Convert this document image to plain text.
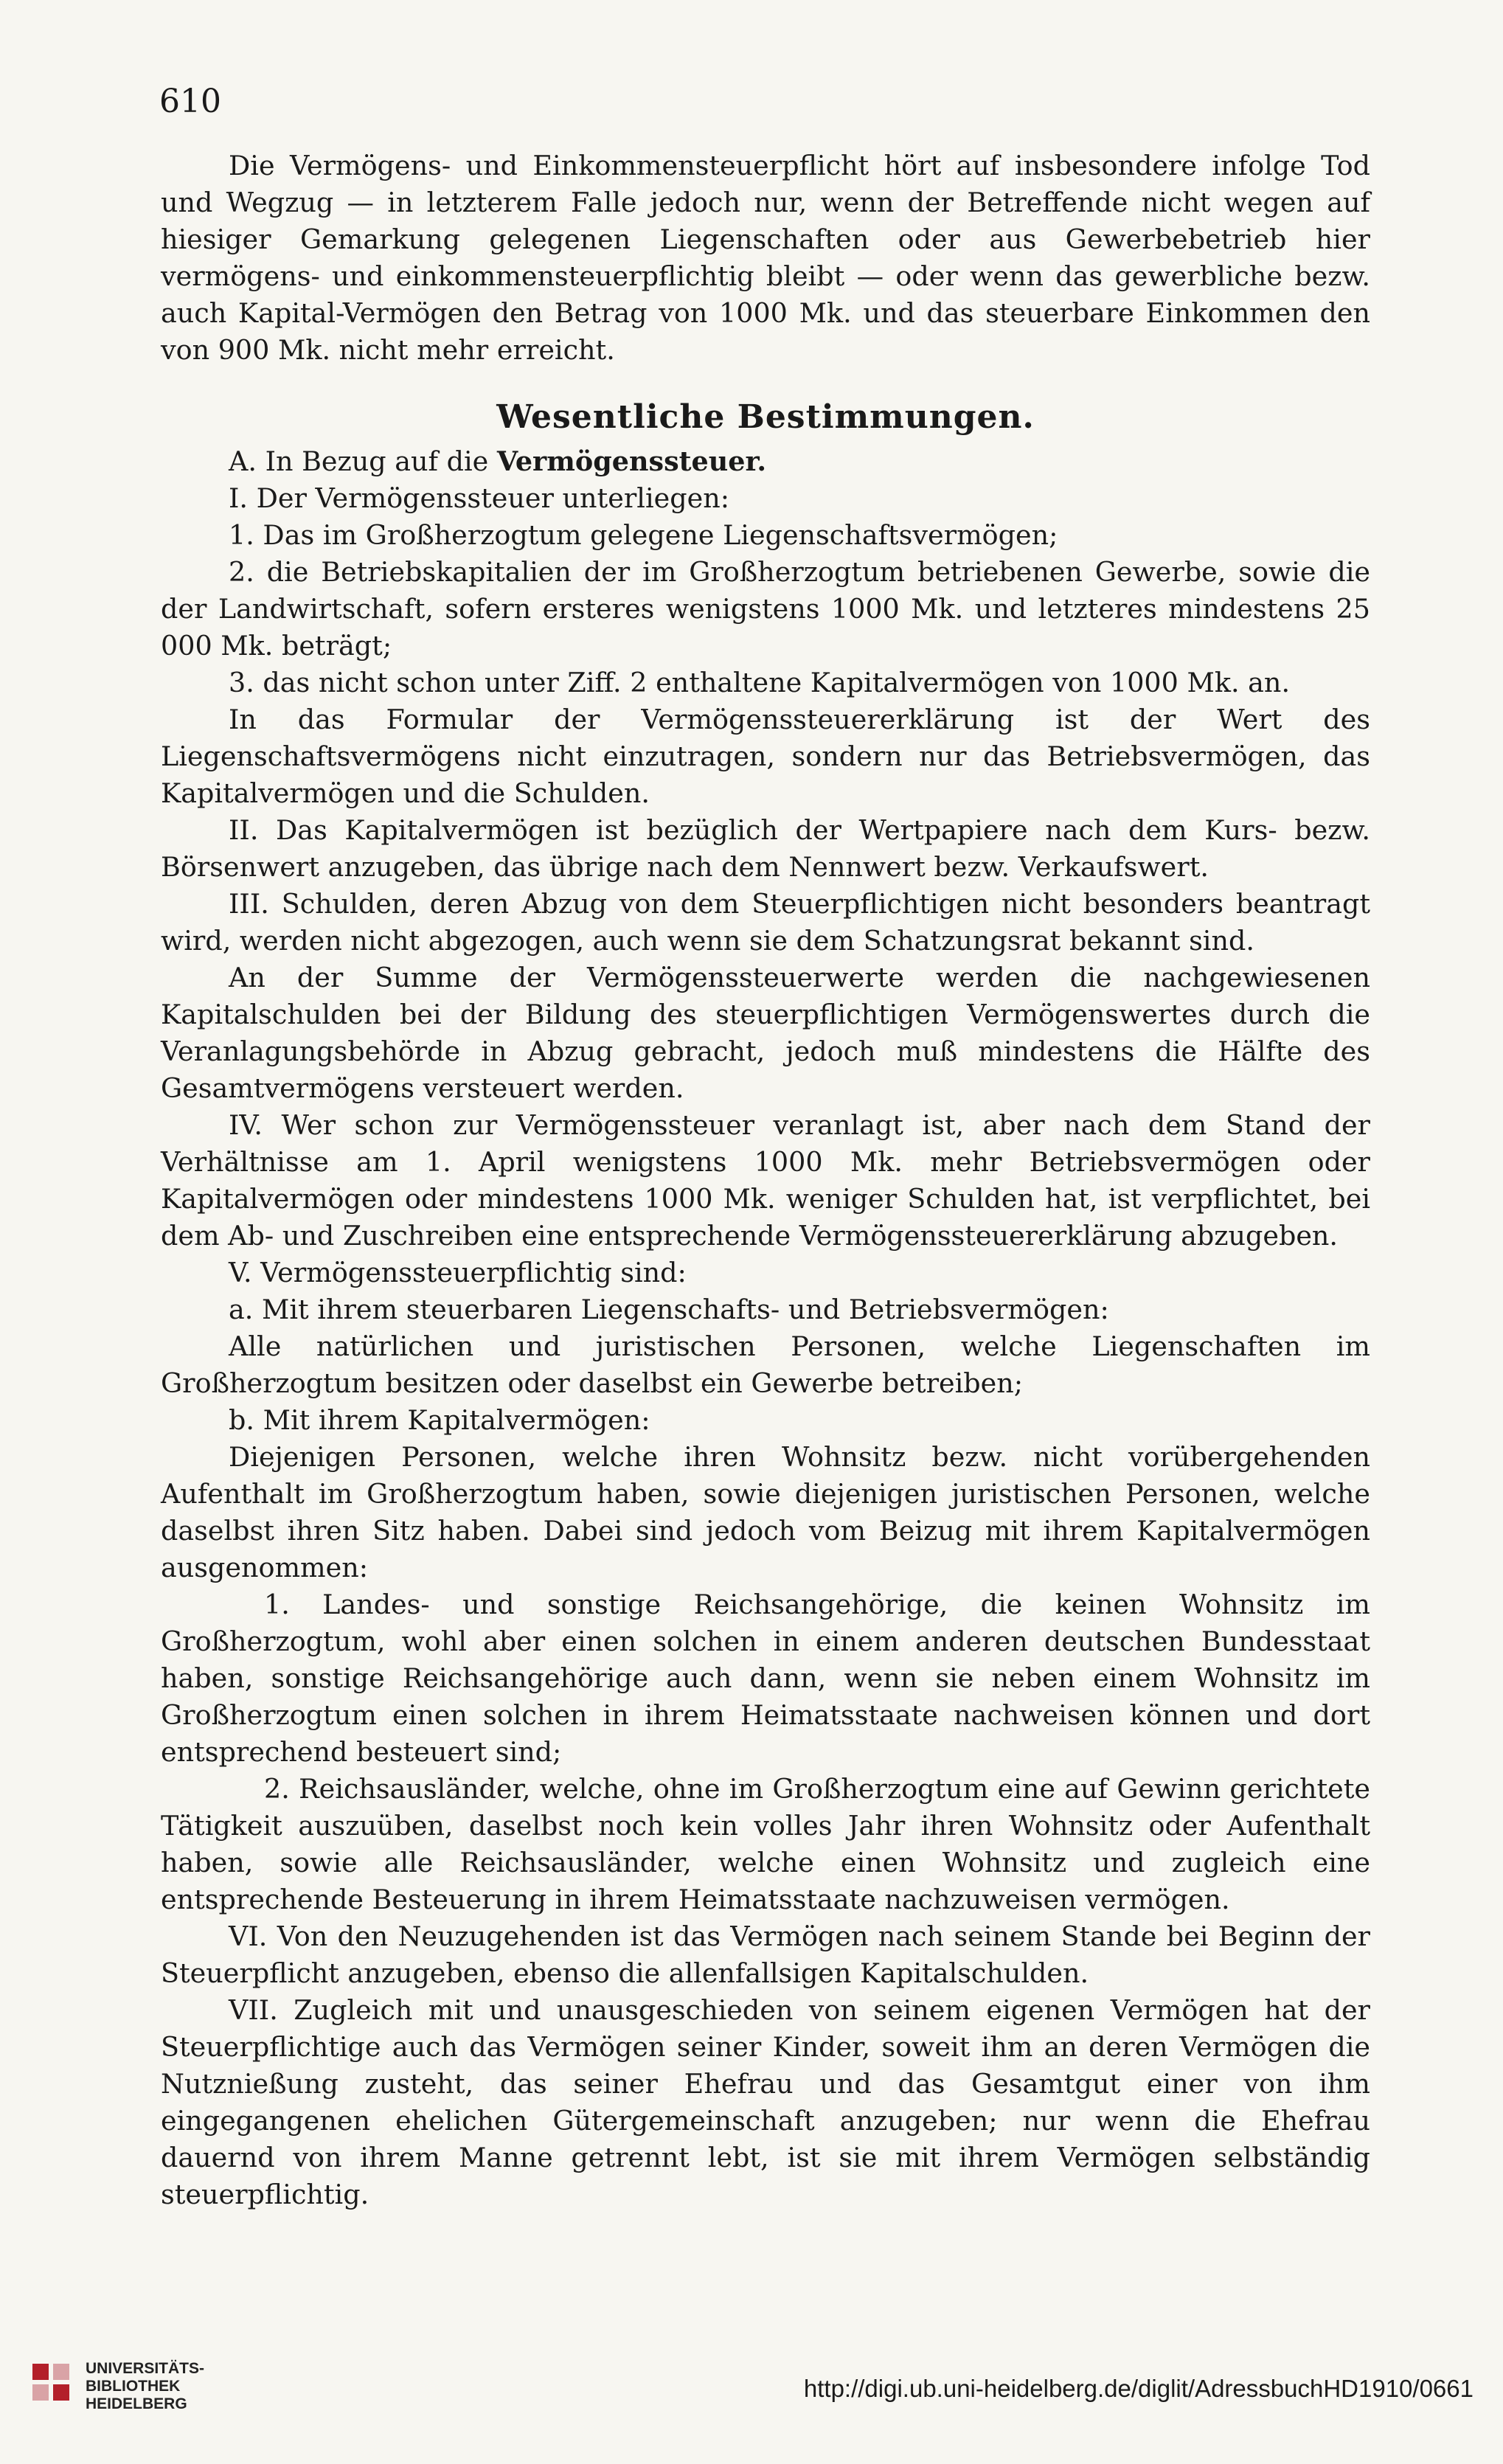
610

Die Vermögens- und Einkommensteuerpflicht hört auf insbesondere infolge Tod und Wegzug — in letzterem Falle jedoch nur, wenn der Betreffende nicht wegen auf hiesiger Gemarkung gelegenen Liegenschaften oder aus Gewerbebetrieb hier vermögens- und einkommensteuerpflichtig bleibt — oder wenn das gewerbliche bezw. auch Kapital-Vermögen den Betrag von 1000 Mk. und das steuerbare Einkommen den von 900 Mk. nicht mehr erreicht.

Wesentliche Bestimmungen.

A. In Bezug auf die Vermögenssteuer.

I. Der Vermögenssteuer unterliegen:

1. Das im Großherzogtum gelegene Liegenschaftsvermögen;

2. die Betriebskapitalien der im Großherzogtum betriebenen Gewerbe, sowie die der Landwirtschaft, sofern ersteres wenigstens 1000 Mk. und letzteres mindestens 25 000 Mk. beträgt;

3. das nicht schon unter Ziff. 2 enthaltene Kapitalvermögen von 1000 Mk. an.

In das Formular der Vermögenssteuererklärung ist der Wert des Liegenschaftsvermögens nicht einzutragen, sondern nur das Betriebsvermögen, das Kapitalvermögen und die Schulden.

II. Das Kapitalvermögen ist bezüglich der Wertpapiere nach dem Kurs- bezw. Börsenwert anzugeben, das übrige nach dem Nennwert bezw. Verkaufswert.

III. Schulden, deren Abzug von dem Steuerpflichtigen nicht besonders beantragt wird, werden nicht abgezogen, auch wenn sie dem Schatzungsrat bekannt sind.

An der Summe der Vermögenssteuerwerte werden die nachgewiesenen Kapitalschulden bei der Bildung des steuerpflichtigen Vermögenswertes durch die Veranlagungsbehörde in Abzug gebracht, jedoch muß mindestens die Hälfte des Gesamtvermögens versteuert werden.

IV. Wer schon zur Vermögenssteuer veranlagt ist, aber nach dem Stand der Verhältnisse am 1. April wenigstens 1000 Mk. mehr Betriebsvermögen oder Kapitalvermögen oder mindestens 1000 Mk. weniger Schulden hat, ist verpflichtet, bei dem Ab- und Zuschreiben eine entsprechende Vermögenssteuererklärung abzugeben.

V. Vermögenssteuerpflichtig sind:

a. Mit ihrem steuerbaren Liegenschafts- und Betriebsvermögen:

Alle natürlichen und juristischen Personen, welche Liegenschaften im Großherzogtum besitzen oder daselbst ein Gewerbe betreiben;

b. Mit ihrem Kapitalvermögen:

Diejenigen Personen, welche ihren Wohnsitz bezw. nicht vorübergehenden Aufenthalt im Großherzogtum haben, sowie diejenigen juristischen Personen, welche daselbst ihren Sitz haben. Dabei sind jedoch vom Beizug mit ihrem Kapitalvermögen ausgenommen:

1. Landes- und sonstige Reichsangehörige, die keinen Wohnsitz im Großherzogtum, wohl aber einen solchen in einem anderen deutschen Bundesstaat haben, sonstige Reichsangehörige auch dann, wenn sie neben einem Wohnsitz im Großherzogtum einen solchen in ihrem Heimatsstaate nachweisen können und dort entsprechend besteuert sind;

2. Reichsausländer, welche, ohne im Großherzogtum eine auf Gewinn gerichtete Tätigkeit auszuüben, daselbst noch kein volles Jahr ihren Wohnsitz oder Aufenthalt haben, sowie alle Reichsausländer, welche einen Wohnsitz und zugleich eine entsprechende Besteuerung in ihrem Heimatsstaate nachzuweisen vermögen.

VI. Von den Neuzugehenden ist das Vermögen nach seinem Stande bei Beginn der Steuerpflicht anzugeben, ebenso die allenfallsigen Kapitalschulden.

VII. Zugleich mit und unausgeschieden von seinem eigenen Vermögen hat der Steuerpflichtige auch das Vermögen seiner Kinder, soweit ihm an deren Vermögen die Nutznießung zusteht, das seiner Ehefrau und das Gesamtgut einer von ihm eingegangenen ehelichen Gütergemeinschaft anzugeben; nur wenn die Ehefrau dauernd von ihrem Manne getrennt lebt, ist sie mit ihrem Vermögen selbständig steuerpflichtig.

UNIVERSITÄTS-
BIBLIOTHEK
HEIDELBERG
http://digi.ub.uni-heidelberg.de/diglit/AdressbuchHD1910/0661
